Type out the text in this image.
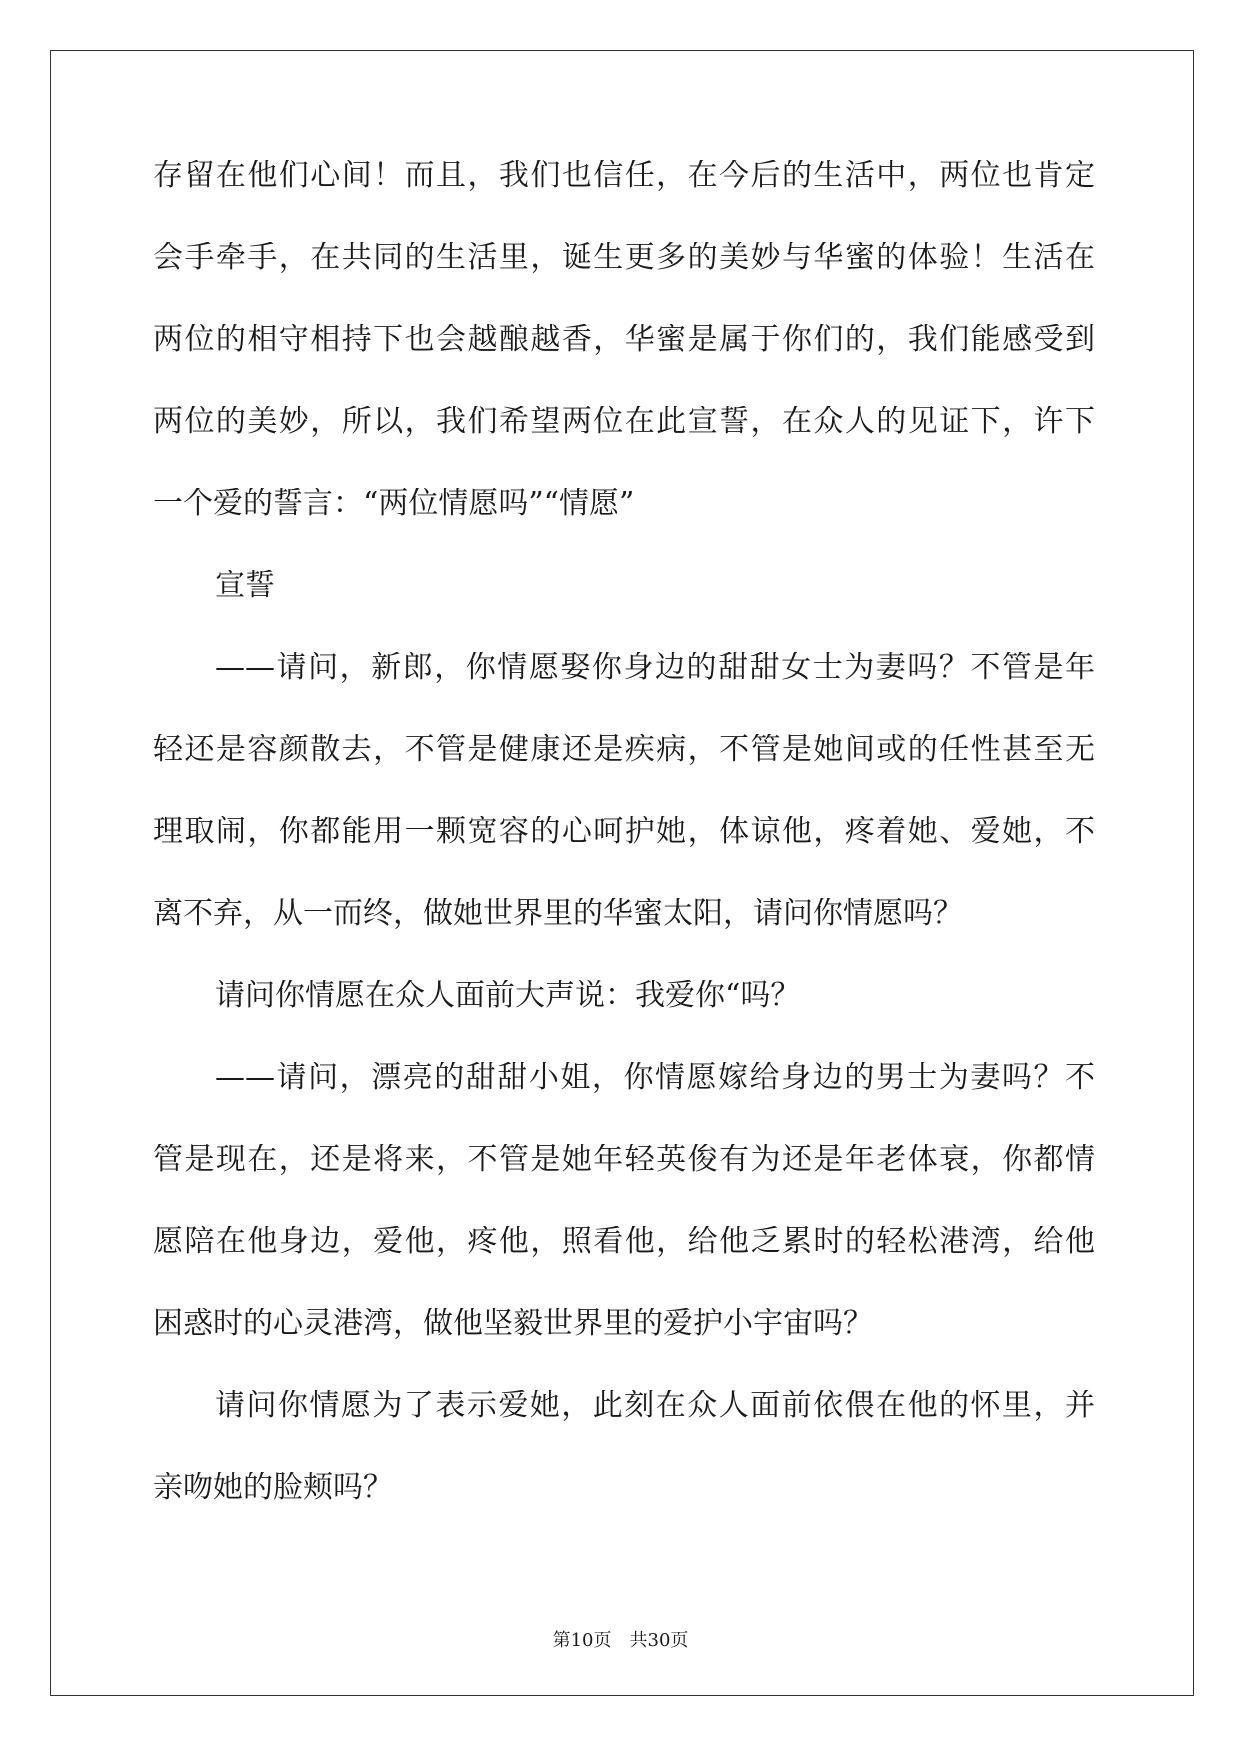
存留在他们心间！而且，我们也信任，在今后的生活中，两位也肯定
会手牵手，在共同的生活里，诞生更多的美妙与华蜜的体验！生活在
两位的相守相持下也会越酿越香，华蜜是属于你们的，我们能感受到
两位的美妙，所以，我们希望两位在此宣誓，在众人的见证下，许下
一个爱的誓言：“两位情愿吗”“情愿”
宣誓
——请问，新郎，你情愿娶你身边的甜甜女士为妻吗？不管是年
轻还是容颜散去，不管是健康还是疾病，不管是她间或的任性甚至无
理取闹，你都能用一颗宽容的心呵护她，体谅他，疼着她、爱她，不
离不弃，从一而终，做她世界里的华蜜太阳，请问你情愿吗？
请问你情愿在众人面前大声说：我爱你“吗？
——请问，漂亮的甜甜小姐，你情愿嫁给身边的男士为妻吗？不
管是现在，还是将来，不管是她年轻英俊有为还是年老体衰，你都情
愿陪在他身边，爱他，疼他，照看他，给他乏累时的轻松港湾，给他
困惑时的心灵港湾，做他坚毅世界里的爱护小宇宙吗？
请问你情愿为了表示爱她，此刻在众人面前依偎在他的怀里，并
亲吻她的脸颊吗？
第10页 共30页
